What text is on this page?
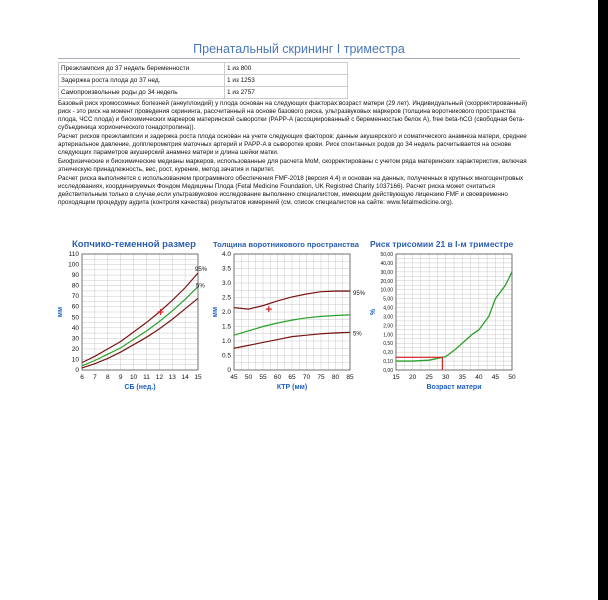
Пренатальный скрининг I триместра
Преэклампсия до 37 недель беременности	1 из 800
Задержка роста плода до 37 нед.	1 из 1253
Самопроизвольные роды до 34 недель	1 из 2757
Базовый риск хромосомных болезней (анеуплоидий) у плода основан на следующих факторах:возраст матери (29 лет). Индивидуальный (скорректированный) риск - это риск на момент проведения скрининга, рассчитанный на основе базового риска, ультразвуковых маркеров (толщина воротникового пространства плода, ЧСС плода) и биохимических маркеров материнской сыворотки (PAPP-A (ассоциированный с беременностью белок А), free beta-hCG (свободная бета-субъединица хорионического гонадотропина)).
Расчет рисков преэклампсии и задержка роста плода основан на учете следующих факторов: данные акушерского и соматического анамнеза матери, среднее артериальное давление, допплерометрия маточных артерий и PAPP-A в сыворотке крови. Риск спонтанных родов до 34 недель расчитывается на основе следующих параметров акушерский анамнез матери и длина шейки матки.
Биофизические и биохимические медианы маркеров, использованные для расчета MoM, скорректированы с учетом ряда материнских характеристик, включая этническую принадлежность, вес, рост, курение, метод зачатия и паритет.
Расчет риска выполняется с использованием программного обеспечения FMF-2018 (версия 4.4) и основан на данных, полученных в крупных многоцентровых исследованиях, координируемых Фондом Медицины Плода (Fetal Medicine Foundation, UK Registred Charity 1037166). Расчет риска может считаться действительным только в случае,если ультразвуковое исследование выполнено специалистом, имеющим действующую лицензию FMF и своевременно проходящим процедуру аудита (контроля качества) результатов измерений (см. список специалистов на сайте: www.fetalmedicine.org).
Копчико-теменной размер
6 7 8 9 10 11 12 13 14 15
0
10
20
30
40
50
60
70
80
90
100
110
95%
5%
СБ (нед.)
мм
Толщина воротникового пространства
45 50 55 60 65 70 75 80 85
0
0.5
1.0
1.5
2.0
2.5
3.0
3.5
4.0
95%
5%
КТР (мм)
мм
Риск трисомии 21 в I-м триместре
15 20 25 30 35 40 45 50
0,00
0,10
0,20
0,50
1,00
2,00
3,00
4,00
5,00
10,00
20,00
30,00
40,00
50,00
Возраст матери
%
